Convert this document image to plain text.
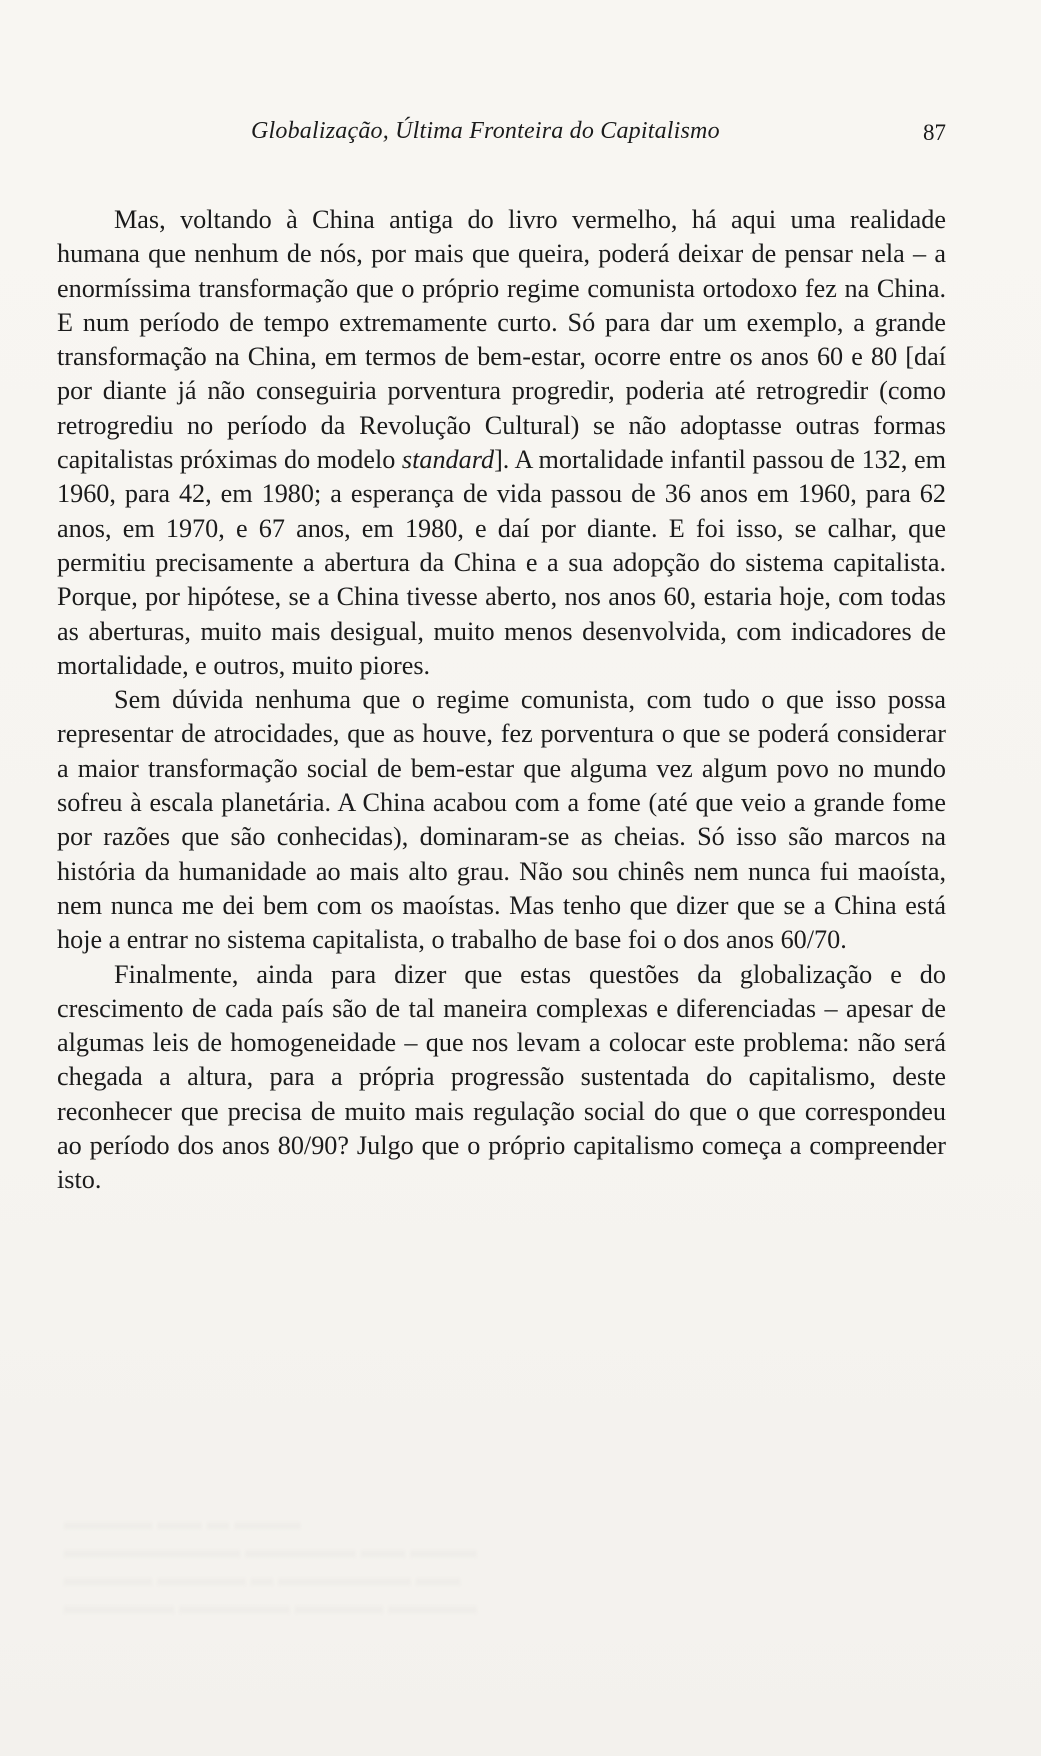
Globalização, Última Fronteira do Capitalismo	87

Mas, voltando à China antiga do livro vermelho, há aqui uma realidade humana que nenhum de nós, por mais que queira, poderá deixar de pensar nela – a enormíssima transformação que o próprio regime comunista ortodoxo fez na China. E num período de tempo extremamente curto. Só para dar um exemplo, a grande transformação na China, em termos de bem-estar, ocorre entre os anos 60 e 80 [daí por diante já não conseguiria porventura progredir, poderia até retrogredir (como retrogrediu no período da Revolução Cultural) se não adoptasse outras formas capitalistas próximas do modelo standard]. A mortalidade infantil passou de 132, em 1960, para 42, em 1980; a esperança de vida passou de 36 anos em 1960, para 62 anos, em 1970, e 67 anos, em 1980, e daí por diante. E foi isso, se calhar, que permitiu precisamente a abertura da China e a sua adopção do sistema capitalista. Porque, por hipótese, se a China tivesse aberto, nos anos 60, estaria hoje, com todas as aberturas, muito mais desigual, muito menos desenvolvida, com indicadores de mortalidade, e outros, muito piores.

Sem dúvida nenhuma que o regime comunista, com tudo o que isso possa representar de atrocidades, que as houve, fez porventura o que se poderá considerar a maior transformação social de bem-estar que alguma vez algum povo no mundo sofreu à escala planetária. A China acabou com a fome (até que veio a grande fome por razões que são conhecidas), dominaram-se as cheias. Só isso são marcos na história da humanidade ao mais alto grau. Não sou chinês nem nunca fui maoísta, nem nunca me dei bem com os maoístas. Mas tenho que dizer que se a China está hoje a entrar no sistema capitalista, o trabalho de base foi o dos anos 60/70.

Finalmente, ainda para dizer que estas questões da globalização e do crescimento de cada país são de tal maneira complexas e diferenciadas – apesar de algumas leis de homogeneidade – que nos levam a colocar este problema: não será chegada a altura, para a própria progressão sustentada do capitalismo, deste reconhecer que precisa de muito mais regulação social do que o que correspondeu ao período dos anos 80/90? Julgo que o próprio capitalismo começa a compreender isto.

▬▬▬▬ ▬▬ ▬ ▬▬▬
▬▬▬▬▬▬▬▬ ▬▬▬▬▬ ▬▬ ▬▬▬
▬▬▬▬ ▬▬▬▬ ▬ ▬▬▬▬▬▬ ▬▬
▬▬▬▬▬ ▬▬▬▬▬ ▬▬▬▬ ▬▬▬▬
